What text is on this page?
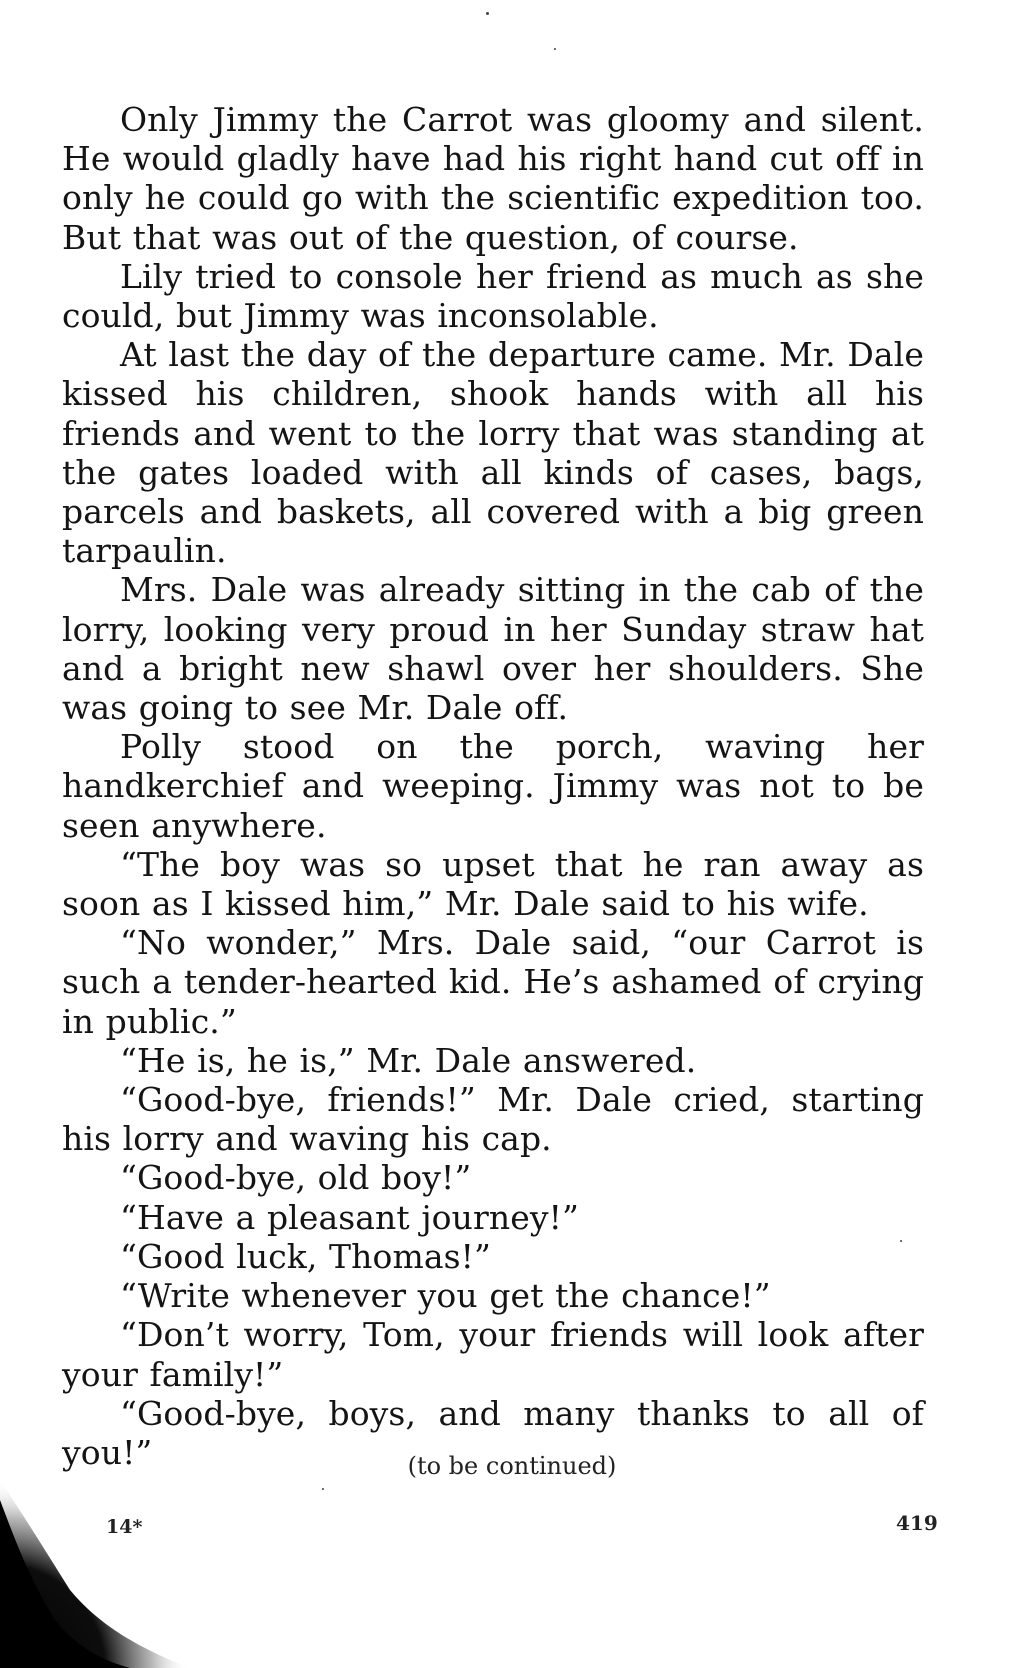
Only Jimmy the Carrot was gloomy and silent. He would gladly have had his right hand cut off in only he could go with the scientific expedition too. But that was out of the question, of course.

Lily tried to console her friend as much as she could, but Jimmy was inconsolable.

At last the day of the departure came. Mr. Dale kissed his children, shook hands with all his friends and went to the lorry that was standing at the gates loaded with all kinds of cases, bags, parcels and baskets, all covered with a big green tarpaulin.

Mrs. Dale was already sitting in the cab of the lorry, looking very proud in her Sunday straw hat and a bright new shawl over her shoulders. She was going to see Mr. Dale off.

Polly stood on the porch, waving her handkerchief and weeping. Jimmy was not to be seen anywhere.

“The boy was so upset that he ran away as soon as I kissed him,” Mr. Dale said to his wife.

“No wonder,” Mrs. Dale said, “our Carrot is such a tender-hearted kid. He’s ashamed of crying in public.”

“He is, he is,” Mr. Dale answered.

“Good-bye, friends!” Mr. Dale cried, starting his lorry and waving his cap.

“Good-bye, old boy!”

“Have a pleasant journey!”

“Good luck, Thomas!”

“Write whenever you get the chance!”

“Don’t worry, Tom, your friends will look after your family!”

“Good-bye, boys, and many thanks to all of you!”	(to be continued)
14*	419
